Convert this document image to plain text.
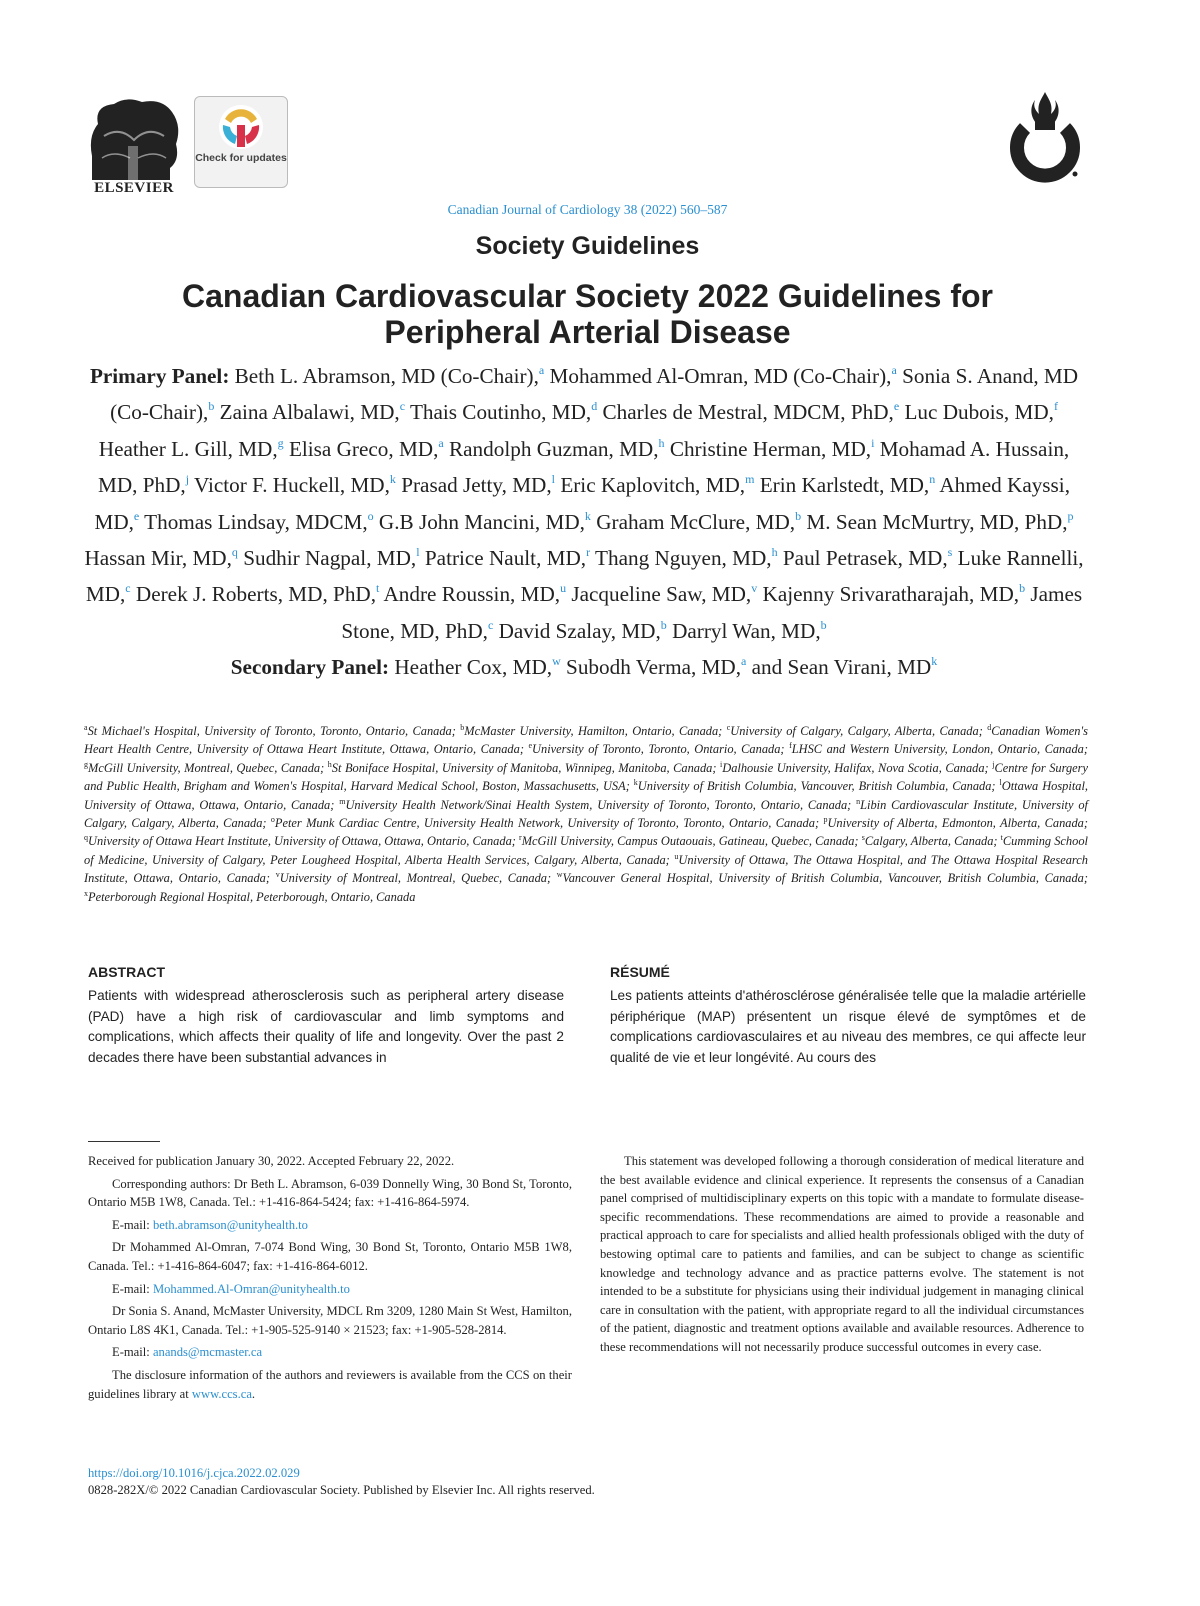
ELSEVIER
Check for updates
Canadian Journal of Cardiology 38 (2022) 560–587
Society Guidelines
Canadian Cardiovascular Society 2022 Guidelines for
Peripheral Arterial Disease
Primary Panel: Beth L. Abramson, MD (Co-Chair),$^a$ Mohammed Al-Omran, MD (Co-Chair),$^a$ Sonia S. Anand, MD (Co-Chair),$^b$ Zaina Albalawi, MD,$^c$ Thais Coutinho, MD,$^d$ Charles de Mestral, MDCM, PhD,$^e$ Luc Dubois, MD,$^f$ Heather L. Gill, MD,$^g$ Elisa Greco, MD,$^a$ Randolph Guzman, MD,$^h$ Christine Herman, MD,$^i$ Mohamad A. Hussain, MD, PhD,$^j$ Victor F. Huckell, MD,$^k$ Prasad Jetty, MD,$^l$ Eric Kaplovitch, MD,$^m$ Erin Karlstedt, MD,$^n$ Ahmed Kayssi, MD,$^e$ Thomas Lindsay, MDCM,$^o$ G.B John Mancini, MD,$^k$ Graham McClure, MD,$^b$ M. Sean McMurtry, MD, PhD,$^p$ Hassan Mir, MD,$^q$ Sudhir Nagpal, MD,$^l$ Patrice Nault, MD,$^r$ Thang Nguyen, MD,$^h$ Paul Petrasek, MD,$^s$ Luke Rannelli, MD,$^c$ Derek J. Roberts, MD, PhD,$^t$ Andre Roussin, MD,$^u$ Jacqueline Saw, MD,$^v$ Kajenny Srivaratharajah, MD,$^b$ James Stone, MD, PhD,$^c$ David Szalay, MD,$^b$ Darryl Wan, MD,$^b$
Secondary Panel: Heather Cox, MD,$^w$ Subodh Verma, MD,$^a$ and Sean Virani, $MD^k$
$^a$St Michael's Hospital, University of Toronto, Toronto, Ontario, Canada; $^b$McMaster University, Hamilton, Ontario, Canada; $^c$University of Calgary, Calgary, Alberta, Canada; $^d$Canadian Women's Heart Health Centre, University of Ottawa Heart Institute, Ottawa, Ontario, Canada; $^e$University of Toronto, Toronto, Ontario, Canada; $^f$LHSC and Western University, London, Ontario, Canada; $^g$McGill University, Montreal, Quebec, Canada; $^h$St Boniface Hospital, University of Manitoba, Winnipeg, Manitoba, Canada; $^i$Dalhousie University, Halifax, Nova Scotia, Canada; $^j$Centre for Surgery and Public Health, Brigham and Women's Hospital, Harvard Medical School, Boston, Massachusetts, USA; $^k$University of British Columbia, Vancouver, British Columbia, Canada; $^l$Ottawa Hospital, University of Ottawa, Ottawa, Ontario, Canada; $^m$University Health Network/Sinai Health System, University of Toronto, Toronto, Ontario, Canada; $^n$Libin Cardiovascular Institute, University of Calgary, Calgary, Alberta, Canada; $^o$Peter Munk Cardiac Centre, University Health Network, University of Toronto, Toronto, Ontario, Canada; $^p$University of Alberta, Edmonton, Alberta, Canada; $^q$University of Ottawa Heart Institute, University of Ottawa, Ottawa, Ontario, Canada; $^r$McGill University, Campus Outaouais, Gatineau, Quebec, Canada; $^s$Calgary, Alberta, Canada; $^t$Cumming School of Medicine, University of Calgary, Peter Lougheed Hospital, Alberta Health Services, Calgary, Alberta, Canada; $^u$University of Ottawa, The Ottawa Hospital, and The Ottawa Hospital Research Institute, Ottawa, Ontario, Canada; $^v$University of Montreal, Montreal, Quebec, Canada; $^w$Vancouver General Hospital, University of British Columbia, Vancouver, British Columbia, Canada; $^x$Peterborough Regional Hospital, Peterborough, Ontario, Canada
ABSTRACT
Patients with widespread atherosclerosis such as peripheral artery disease (PAD) have a high risk of cardiovascular and limb symptoms and complications, which affects their quality of life and longevity. Over the past 2 decades there have been substantial advances in
RÉSUMÉ
Les patients atteints d'athérosclérose généralisée telle que la maladie artérielle périphérique (MAP) présentent un risque élevé de symptômes et de complications cardiovasculaires et au niveau des membres, ce qui affecte leur qualité de vie et leur longévité. Au cours des

Received for publication January 30, 2022. Accepted February 22, 2022.

Corresponding authors: Dr Beth L. Abramson, 6-039 Donnelly Wing, 30 Bond St, Toronto, Ontario M5B 1W8, Canada. Tel.: +1-416-864-5424; fax: +1-416-864-5974.

E-mail: beth.abramson@unityhealth.to

Dr Mohammed Al-Omran, 7-074 Bond Wing, 30 Bond St, Toronto, Ontario M5B 1W8, Canada. Tel.: +1-416-864-6047; fax: +1-416-864-6012.

E-mail: Mohammed.Al-Omran@unityhealth.to

Dr Sonia S. Anand, McMaster University, MDCL Rm 3209, 1280 Main St West, Hamilton, Ontario L8S 4K1, Canada. Tel.: +1-905-525-9140 × 21523; fax: +1-905-528-2814.

E-mail: anands@mcmaster.ca

The disclosure information of the authors and reviewers is available from the CCS on their guidelines library at www.ccs.ca.

This statement was developed following a thorough consideration of medical literature and the best available evidence and clinical experience. It represents the consensus of a Canadian panel comprised of multidisciplinary experts on this topic with a mandate to formulate disease-specific recommendations. These recommendations are aimed to provide a reasonable and practical approach to care for specialists and allied health professionals obliged with the duty of bestowing optimal care to patients and families, and can be subject to change as scientific knowledge and technology advance and as practice patterns evolve. The statement is not intended to be a substitute for physicians using their individual judgement in managing clinical care in consultation with the patient, with appropriate regard to all the individual circumstances of the patient, diagnostic and treatment options available and available resources. Adherence to these recommendations will not necessarily produce successful outcomes in every case.
https://doi.org/10.1016/j.cjca.2022.02.029
0828-282X/© 2022 Canadian Cardiovascular Society. Published by Elsevier Inc. All rights reserved.
